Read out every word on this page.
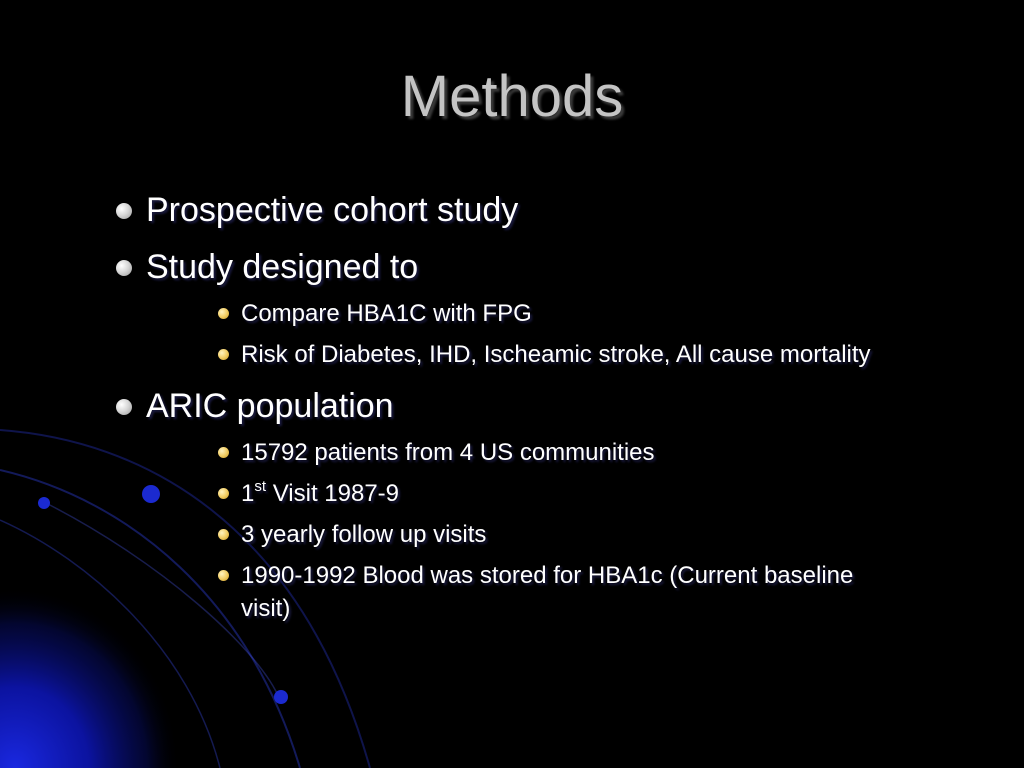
Methods
Prospective cohort study
Study designed to
Compare HBA1C with FPG
Risk of Diabetes, IHD, Ischeamic stroke, All cause mortality
ARIC population
15792 patients from 4 US communities
1st Visit 1987-9
3 yearly follow up visits
1990-1992 Blood was stored for HBA1c (Current baseline visit)
